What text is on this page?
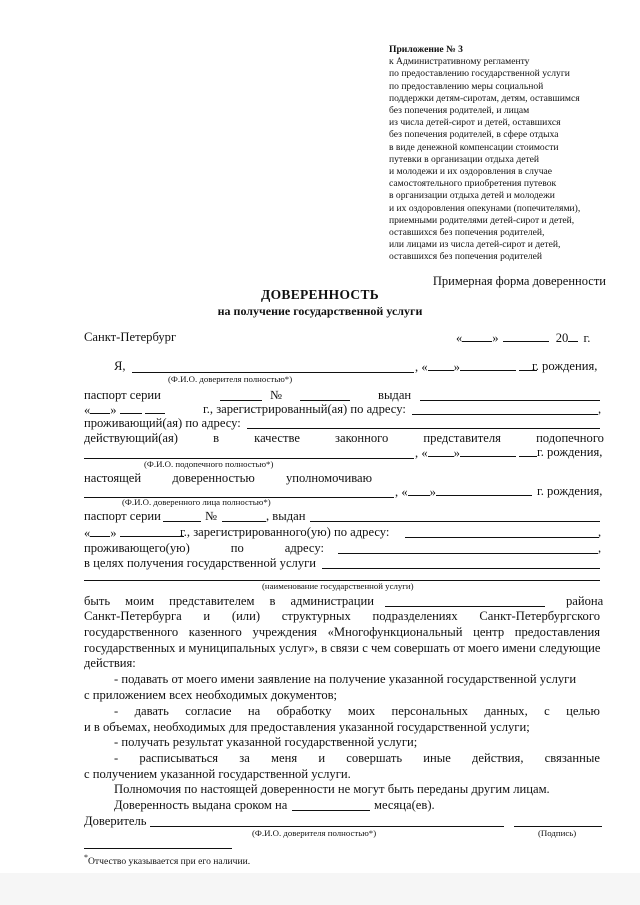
Приложение № 3
к Административному регламенту
по предоставлению государственной услуги
по предоставлению меры социальной
поддержки детям-сиротам, детям, оставшимся
без попечения родителей, и лицам
из числа детей-сирот и детей, оставшихся
без попечения родителей, в сфере отдыха
в виде денежной компенсации стоимости
путевки в организации отдыха детей
и молодежи и их оздоровления в случае
самостоятельного приобретения путевок
в организации отдыха детей и молодежи
и их оздоровления опекунами (попечителями),
приемными родителями детей-сирот и детей,
оставшихся без попечения родителей,
или лицами из числа детей-сирот и детей,
оставшихся без попечения родителей
Примерная форма доверенности
ДОВЕРЕННОСТЬ
на получение государственной услуги
Санкт-Петербург	« »	20 г.
Я,	, « »	г. рождения,
(Ф.И.О. доверителя полностью*)
паспорт серии	№	выдан
« »	г., зарегистрированный(ая) по адресу:	,
проживающий(ая) по адресу:
действующий(ая)	в	качестве	законного	представителя	подопечного
, « »	г. рождения,
(Ф.И.О. подопечного полностью*)
настоящей доверенностью уполномочиваю
, « »	г. рождения,
(Ф.И.О. доверенного лица полностью*)
паспорт серии	№	, выдан
« »	г., зарегистрированного(ую) по адресу:	,
проживающего(ую)	по	адресу:	,
в целях получения государственной услуги
(наименование государственной услуги)
быть моим представителем в администрации	района
Санкт-Петербурга и (или) структурных подразделениях Санкт-Петербургского
государственного казенного учреждения «Многофункциональный центр предоставления
государственных и муниципальных услуг», в связи с чем совершать от моего имени следующие
действия:
- подавать от моего имени заявление на получение указанной государственной услуги
с приложением всех необходимых документов;
- давать согласие на обработку моих персональных данных, с целью
и в объемах, необходимых для предоставления указанной государственной услуги;
- получать результат указанной государственной услуги;
- расписываться за меня и совершать иные действия, связанные
с получением указанной государственной услуги.
Полномочия по настоящей доверенности не могут быть переданы другим лицам.
Доверенность выдана сроком на	месяца(ев).
Доверитель
(Ф.И.О. доверителя полностью*)	(Подпись)
*Отчество указывается при его наличии.
